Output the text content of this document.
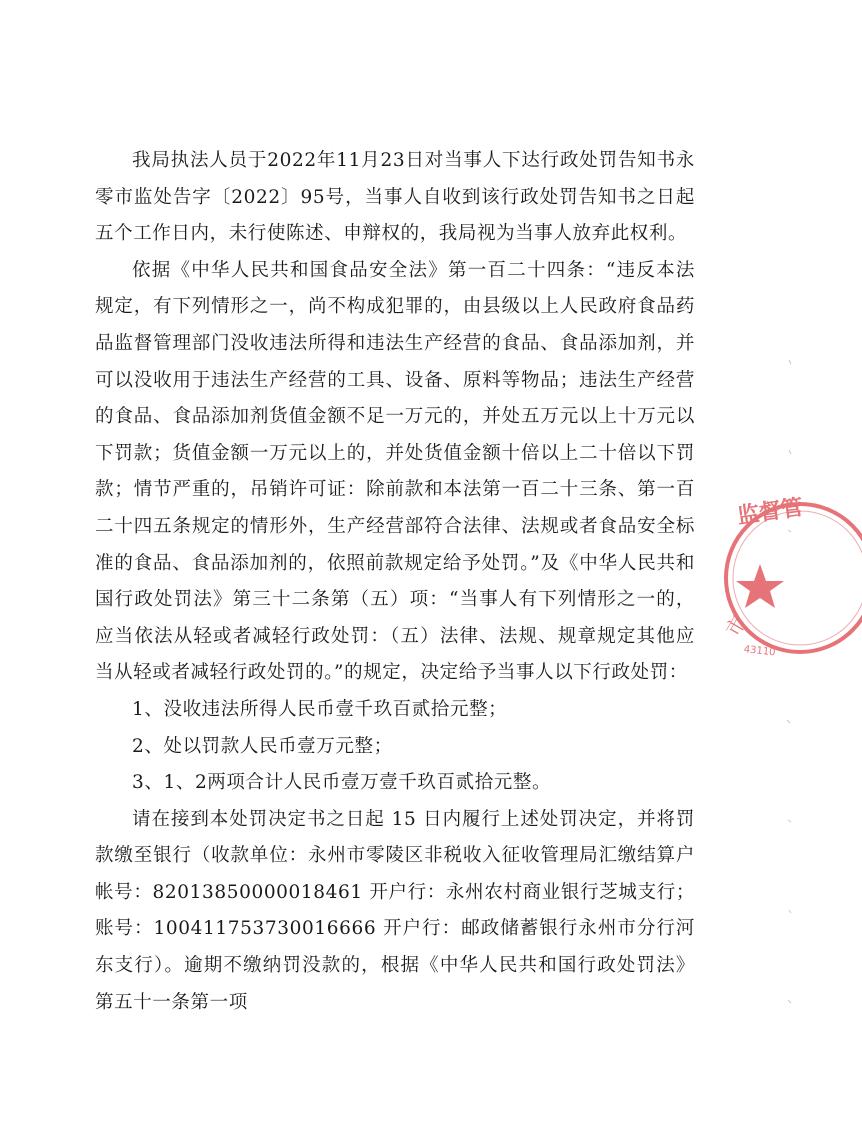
我局执法人员于2022年11月23日对当事人下达行政处罚告知书永零市监处告字〔2022〕95号，当事人自收到该行政处罚告知书之日起五个工作日内，未行使陈述、申辩权的，我局视为当事人放弃此权利。

依据《中华人民共和国食品安全法》第一百二十四条：“违反本法规定，有下列情形之一，尚不构成犯罪的，由县级以上人民政府食品药品监督管理部门没收违法所得和违法生产经营的食品、食品添加剂，并可以没收用于违法生产经营的工具、设备、原料等物品；违法生产经营的食品、食品添加剂货值金额不足一万元的，并处五万元以上十万元以下罚款；货值金额一万元以上的，并处货值金额十倍以上二十倍以下罚款；情节严重的，吊销许可证：除前款和本法第一百二十三条、第一百二十四五条规定的情形外，生产经营部符合法律、法规或者食品安全标准的食品、食品添加剂的，依照前款规定给予处罚。”及《中华人民共和国行政处罚法》第三十二条第（五）项：“当事人有下列情形之一的，应当依法从轻或者减轻行政处罚：（五）法律、法规、规章规定其他应当从轻或者减轻行政处罚的。”的规定，决定给予当事人以下行政处罚：

1、没收违法所得人民币壹千玖百贰拾元整；

2、处以罚款人民币壹万元整；

3、1、2两项合计人民币壹万壹千玖百贰拾元整。

请在接到本处罚决定书之日起 15 日内履行上述处罚决定，并将罚款缴至银行（收款单位：永州市零陵区非税收入征收管理局汇缴结算户 帐号：82013850000018461 开户行：永州农村商业银行芝城支行；账号：100411753730016666 开户行：邮政储蓄银行永州市分行河东支行）。逾期不缴纳罚没款的，根据《中华人民共和国行政处罚法》第五十一条第一项

监督管
43110
市
